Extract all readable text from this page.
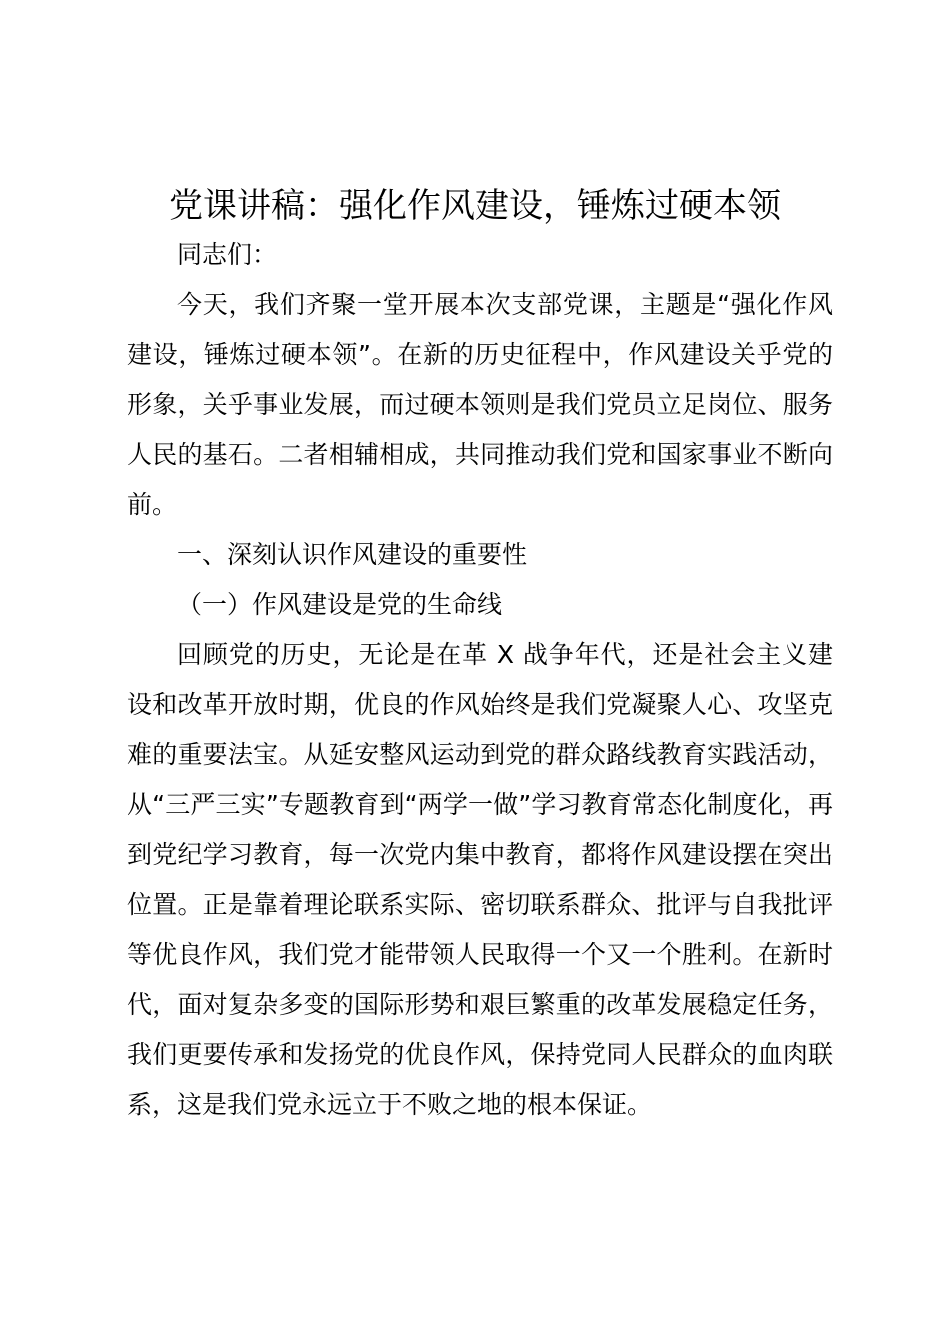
党课讲稿：强化作风建设，锤炼过硬本领

同志们：

今天，我们齐聚一堂开展本次支部党课，主题是“强化作风建设，锤炼过硬本领”。在新的历史征程中，作风建设关乎党的形象，关乎事业发展，而过硬本领则是我们党员立足岗位、服务人民的基石。二者相辅相成，共同推动我们党和国家事业不断向前。

一、深刻认识作风建设的重要性

（一）作风建设是党的生命线

回顾党的历史，无论是在革 X 战争年代，还是社会主义建设和改革开放时期，优良的作风始终是我们党凝聚人心、攻坚克难的重要法宝。从延安整风运动到党的群众路线教育实践活动，从“三严三实”专题教育到“两学一做”学习教育常态化制度化，再到党纪学习教育，每一次党内集中教育，都将作风建设摆在突出位置。正是靠着理论联系实际、密切联系群众、批评与自我批评等优良作风，我们党才能带领人民取得一个又一个胜利。在新时代，面对复杂多变的国际形势和艰巨繁重的改革发展稳定任务，我们更要传承和发扬党的优良作风，保持党同人民群众的血肉联系，这是我们党永远立于不败之地的根本保证。
